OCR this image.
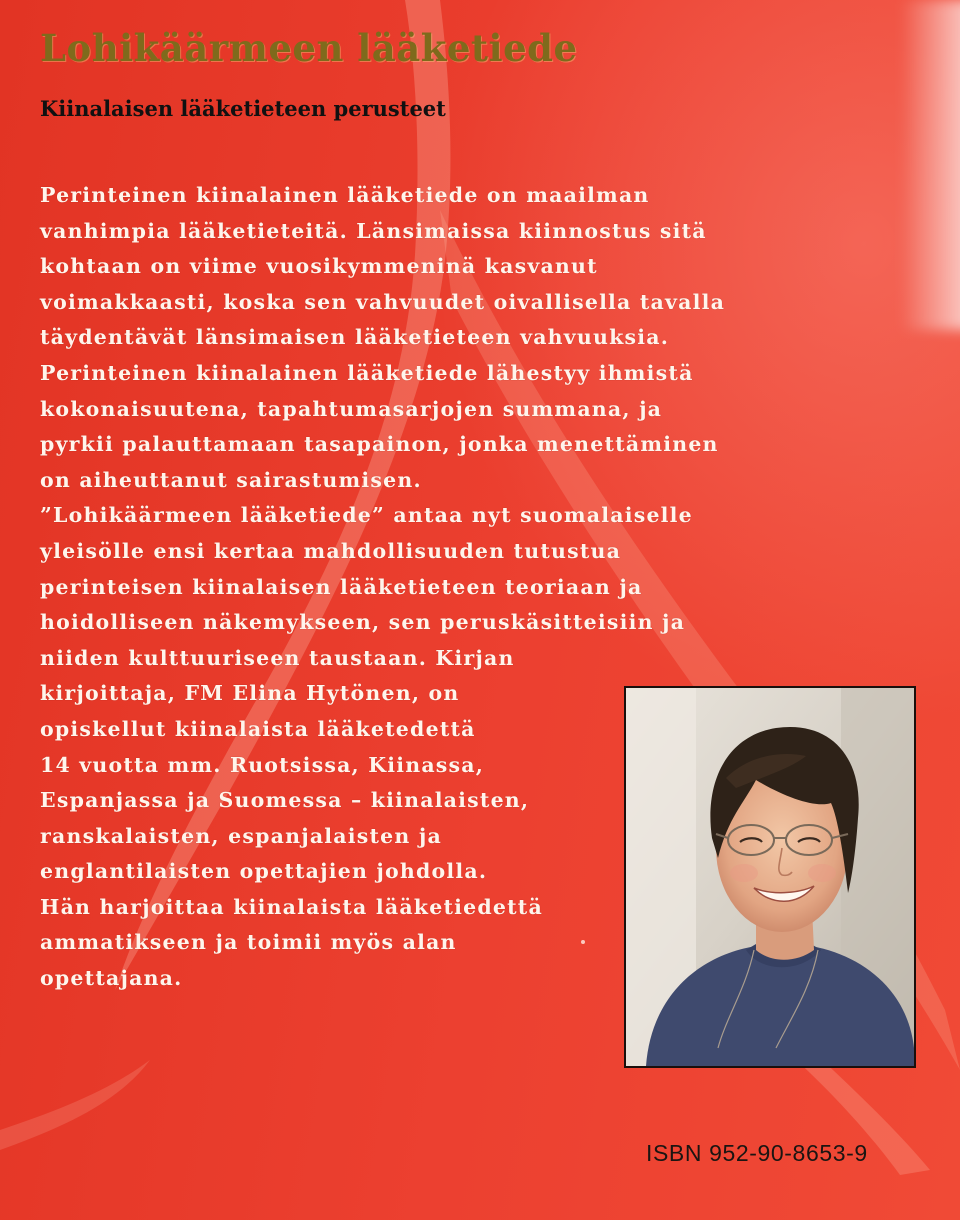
Lohikäärmeen lääketiede
Kiinalaisen lääketieteen perusteet
Perinteinen kiinalainen lääketiede on maailman
vanhimpia lääketieteitä. Länsimaissa kiinnostus sitä
kohtaan on viime vuosikymmeninä kasvanut
voimakkaasti, koska sen vahvuudet oivallisella tavalla
täydentävät länsimaisen lääketieteen vahvuuksia.
Perinteinen kiinalainen lääketiede lähestyy ihmistä
kokonaisuutena, tapahtumasarjojen summana, ja
pyrkii palauttamaan tasapainon, jonka menettäminen
on aiheuttanut sairastumisen.
”Lohikäärmeen lääketiede” antaa nyt suomalaiselle
yleisölle ensi kertaa mahdollisuuden tutustua
perinteisen kiinalaisen lääketieteen teoriaan ja
hoidolliseen näkemykseen, sen peruskäsitteisiin ja
niiden kulttuuriseen taustaan. Kirjan
kirjoittaja, FM Elina Hytönen, on
opiskellut kiinalaista lääketedettä
14 vuotta mm. Ruotsissa, Kiinassa,
Espanjassa ja Suomessa – kiinalaisten,
ranskalaisten, espanjalaisten ja
englantilaisten opettajien johdolla.
Hän harjoittaa kiinalaista lääketiedettä
ammatikseen ja toimii myös alan
opettajana.
ISBN 952-90-8653-9
